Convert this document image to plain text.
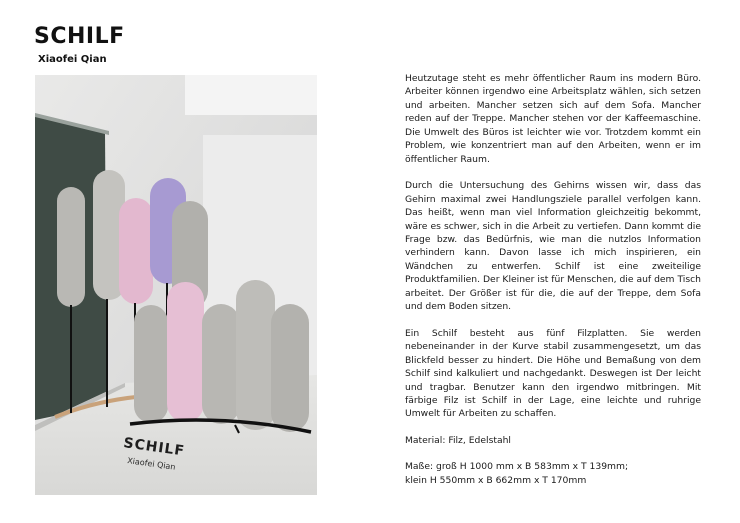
SCHILF

Xiaofei Qian

SCHILF
Xiaofei Qian

Heutzutage steht es mehr öffentlicher Raum ins modern Büro. Arbeiter können irgendwo eine Arbeitsplatz wählen, sich setzen und arbeiten. Mancher setzen sich auf dem Sofa. Mancher reden auf der Treppe. Mancher stehen vor der Kaffeemaschine. Die Umwelt des Büros ist leichter wie vor. Trotzdem kommt ein Problem, wie konzentriert man auf den Arbeiten, wenn er im öffentlicher Raum.

Durch die Untersuchung des Gehirns wissen wir, dass das Gehirn maximal zwei Handlungsziele parallel verfolgen kann. Das heißt, wenn man viel Information gleichzeitig bekommt, wäre es schwer, sich in die Arbeit zu vertiefen. Dann kommt die Frage bzw. das Bedürfnis, wie man die nutzlos Information verhindern kann. Davon lasse ich mich inspirieren, ein Wändchen zu entwerfen. Schilf ist eine zweiteilige Produktfamilien. Der Kleiner ist für Menschen, die auf dem Tisch arbeitet. Der Größer ist für die, die auf der Treppe, dem Sofa und dem Boden sitzen.

Ein Schilf besteht aus fünf Filzplatten. Sie werden nebeneinander in der Kurve stabil zusammengesetzt, um das Blickfeld besser zu hindert. Die Höhe und Bemaßung von dem Schilf sind kalkuliert und nachgedankt. Deswegen ist Der leicht und tragbar. Benutzer kann den irgendwo mitbringen. Mit färbige Filz ist Schilf in der Lage, eine leichte und ruhrige Umwelt für Arbeiten zu schaffen.

Material: Filz, Edelstahl

Maße: groß H 1000 mm x B 583mm x T 139mm;

klein H 550mm x B 662mm x T 170mm
